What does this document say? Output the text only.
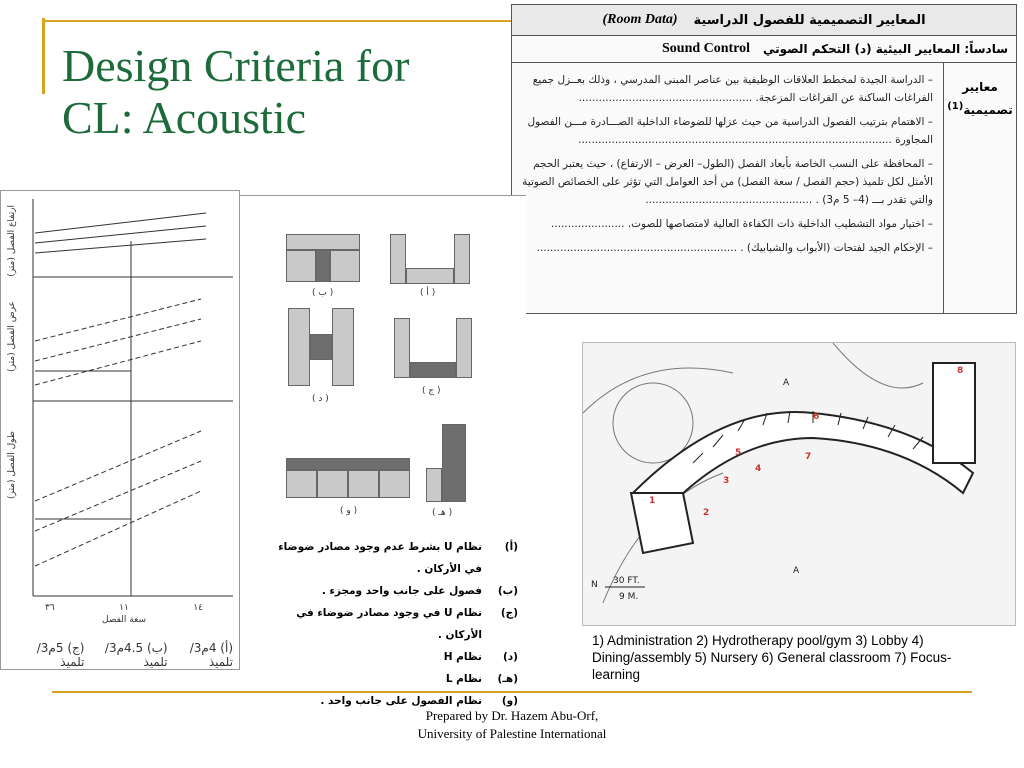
Design Criteria for
CL: Acoustic
(Room Data) المعايير التصميمية للفصول الدراسية
Sound Control سادساً: المعايير البيئية (د) التحكم الصوتي

– الدراسة الجيدة لمخطط العلاقات الوظيفية بين عناصر المبنى المدرسي ، وذلك بعــزل جميع الفراغات الساكنة عن الفراغات المزعجة. ....................................................

– الاهتمام بترتيب الفصول الدراسية من حيث عزلها للضوضاء الداخلية الصـــادرة مـــن الفصول المجاورة ..............................................................................................

– المحافظة على النسب الخاصة بأبعاد الفصل (الطول– العرض – الارتفاع) ، حيث يعتبر الحجم الأمثل لكل تلميذ (حجم الفصل / سعة الفصل) من أحد العوامل التي تؤثر على الخصائص الصوتية والتي تقدر بـــ (4– 5 م3) . ..................................................

– اختيار مواد التشطيب الداخلية ذات الكفاءة العالية لامتصاصها للصوت. ......................

– الإحكام الجيد لفتحات (الأبواب والشبابيك) . ............................................................

معايير تصميمية$^{(1)}$
ارتفاع الفصل (متر)
عرض الفصل (متر)
طول الفصل (متر)
٣٦	١١	١٤
سعة الفصل
(أ) 4م3/ تلميذ
(ب) 4.5م3/ تلميذ
(ج) 5م3/ تلميذ
( أ )
( ب )
( ج )
( د )
( هـ )
( و )
(أ)
نظام U بشرط عدم وجود مصادر ضوضاء في الأركان .
(ب)
فصول على جانب واحد ومجزء .
(ج)
نظام U في وجود مصادر ضوضاء في الأركان .
(د)
نظام H
(هـ)
نظام L
(و)
نظام الفصول على جانب واحد .
1
2
3
4
5
6
7
8
N 30 FT.
9 M.
A
A
1) Administration 2) Hydrotherapy pool/gym 3) Lobby 4) Dining/assembly 5) Nursery 6) General classroom 7) Focus-learning
Prepared by Dr. Hazem Abu-Orf,
University of Palestine International
